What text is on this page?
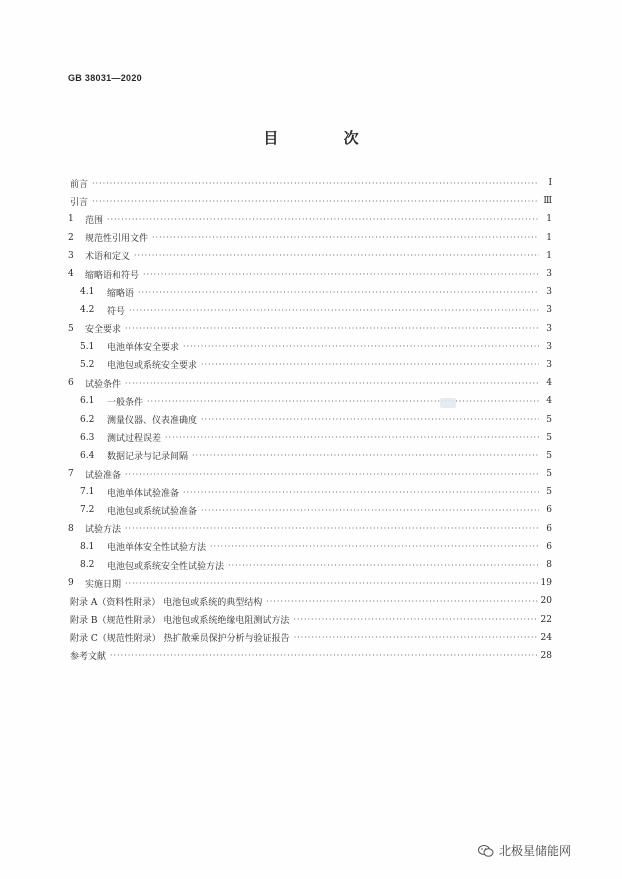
GB 38031—2020
目 次
前言 ·····	Ⅰ
引言 ·····	Ⅲ
1	范围 ·····	1
2	规范性引用文件 ·····	1
3	术语和定义 ·····	1
4	缩略语和符号 ·····	3
4.1	缩略语 ·····	3
4.2	符号 ·····	3
5	安全要求 ·····	3
5.1	电池单体安全要求 ·····	3
5.2	电池包或系统安全要求 ·····	3
6	试验条件 ·····	4
6.1	一般条件 ·····	4
6.2	测量仪器、仪表准确度 ·····	5
6.3	测试过程误差 ·····	5
6.4	数据记录与记录间隔 ·····	5
7	试验准备 ·····	5
7.1	电池单体试验准备 ·····	5
7.2	电池包或系统试验准备 ·····	6
8	试验方法 ·····	6
8.1	电池单体安全性试验方法 ·····	6
8.2	电池包或系统安全性试验方法 ·····	8
9	实施日期 ·····	19
附录 A（资料性附录） 电池包或系统的典型结构 ·····	20
附录 B（规范性附录） 电池包或系统绝缘电阻测试方法 ·····	22
附录 C（规范性附录） 热扩散乘员保护分析与验证报告 ·····	24
参考文献 ·····	28
北极星储能网
